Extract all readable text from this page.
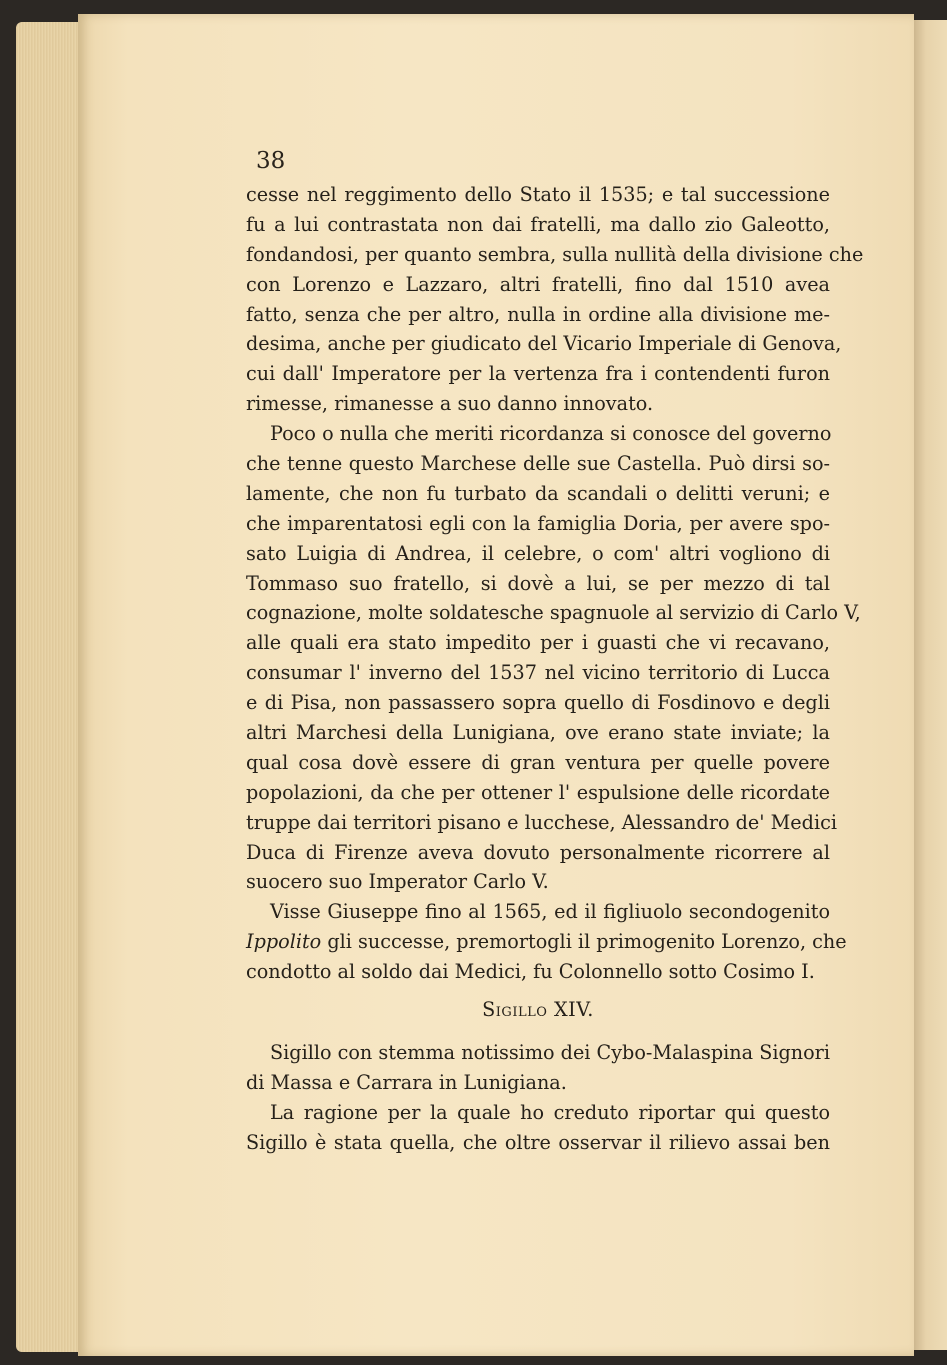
38
cesse nel reggimento dello Stato il 1535; e tal successione
fu a lui contrastata non dai fratelli, ma dallo zio Galeotto,
fondandosi, per quanto sembra, sulla nullità della divisione che
con Lorenzo e Lazzaro, altri fratelli, fino dal 1510 avea
fatto, senza che per altro, nulla in ordine alla divisione me-
desima, anche per giudicato del Vicario Imperiale di Genova,
cui dall' Imperatore per la vertenza fra i contendenti furon
rimesse, rimanesse a suo danno innovato.
Poco o nulla che meriti ricordanza si conosce del governo
che tenne questo Marchese delle sue Castella. Può dirsi so-
lamente, che non fu turbato da scandali o delitti veruni; e
che imparentatosi egli con la famiglia Doria, per avere spo-
sato Luigia di Andrea, il celebre, o com' altri vogliono di
Tommaso suo fratello, si dovè a lui, se per mezzo di tal
cognazione, molte soldatesche spagnuole al servizio di Carlo V,
alle quali era stato impedito per i guasti che vi recavano,
consumar l' inverno del 1537 nel vicino territorio di Lucca
e di Pisa, non passassero sopra quello di Fosdinovo e degli
altri Marchesi della Lunigiana, ove erano state inviate; la
qual cosa dovè essere di gran ventura per quelle povere
popolazioni, da che per ottener l' espulsione delle ricordate
truppe dai territori pisano e lucchese, Alessandro de' Medici
Duca di Firenze aveva dovuto personalmente ricorrere al
suocero suo Imperator Carlo V.
Visse Giuseppe fino al 1565, ed il figliuolo secondogenito
Ippolito gli successe, premortogli il primogenito Lorenzo, che
condotto al soldo dai Medici, fu Colonnello sotto Cosimo I.
Sigillo XIV.
Sigillo con stemma notissimo dei Cybo-Malaspina Signori
di Massa e Carrara in Lunigiana.
La ragione per la quale ho creduto riportar qui questo
Sigillo è stata quella, che oltre osservar il rilievo assai ben
